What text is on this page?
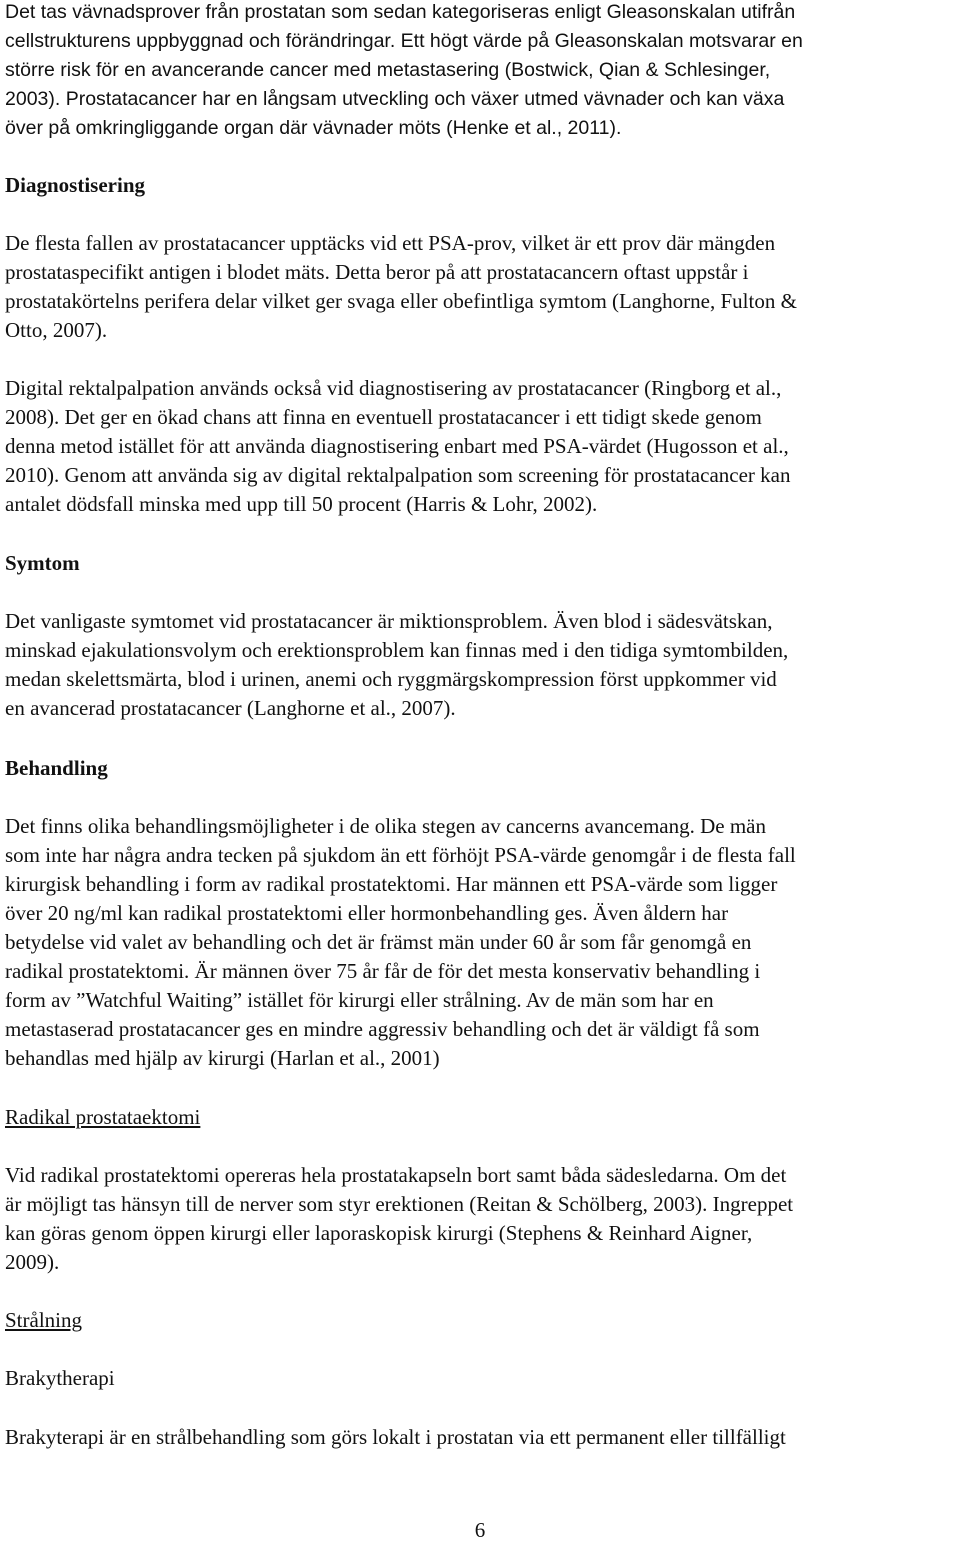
Det tas vävnadsprover från prostatan som sedan kategoriseras enligt Gleasonskalan utifrån
cellstrukturens uppbyggnad och förändringar. Ett högt värde på Gleasonskalan motsvarar en
större risk för en avancerande cancer med metastasering (Bostwick, Qian & Schlesinger,
2003). Prostatacancer har en långsam utveckling och växer utmed vävnader och kan växa
över på omkringliggande organ där vävnader möts (Henke et al., 2011).

Diagnostisering

De flesta fallen av prostatacancer upptäcks vid ett PSA-prov, vilket är ett prov där mängden
prostataspecifikt antigen i blodet mäts. Detta beror på att prostatacancern oftast uppstår i
prostatakörtelns perifera delar vilket ger svaga eller obefintliga symtom (Langhorne, Fulton &
Otto, 2007).

Digital rektalpalpation används också vid diagnostisering av prostatacancer (Ringborg et al.,
2008). Det ger en ökad chans att finna en eventuell prostatacancer i ett tidigt skede genom
denna metod istället för att använda diagnostisering enbart med PSA-värdet (Hugosson et al.,
2010). Genom att använda sig av digital rektalpalpation som screening för prostatacancer kan
antalet dödsfall minska med upp till 50 procent (Harris & Lohr, 2002).

Symtom

Det vanligaste symtomet vid prostatacancer är miktionsproblem. Även blod i sädesvätskan,
minskad ejakulationsvolym och erektionsproblem kan finnas med i den tidiga symtombilden,
medan skelettsmärta, blod i urinen, anemi och ryggmärgskompression först uppkommer vid
en avancerad prostatacancer (Langhorne et al., 2007).

Behandling

Det finns olika behandlingsmöjligheter i de olika stegen av cancerns avancemang. De män
som inte har några andra tecken på sjukdom än ett förhöjt PSA-värde genomgår i de flesta fall
kirurgisk behandling i form av radikal prostatektomi. Har männen ett PSA-värde som ligger
över 20 ng/ml kan radikal prostatektomi eller hormonbehandling ges. Även åldern har
betydelse vid valet av behandling och det är främst män under 60 år som får genomgå en
radikal prostatektomi. Är männen över 75 år får de för det mesta konservativ behandling i
form av ”Watchful Waiting” istället för kirurgi eller strålning. Av de män som har en
metastaserad prostatacancer ges en mindre aggressiv behandling och det är väldigt få som
behandlas med hjälp av kirurgi (Harlan et al., 2001)

Radikal prostataektomi

Vid radikal prostatektomi opereras hela prostatakapseln bort samt båda sädesledarna. Om det
är möjligt tas hänsyn till de nerver som styr erektionen (Reitan & Schölberg, 2003). Ingreppet
kan göras genom öppen kirurgi eller laporaskopisk kirurgi (Stephens & Reinhard Aigner,
2009).

Strålning

Brakytherapi

Brakyterapi är en strålbehandling som görs lokalt i prostatan via ett permanent eller tillfälligt

6
